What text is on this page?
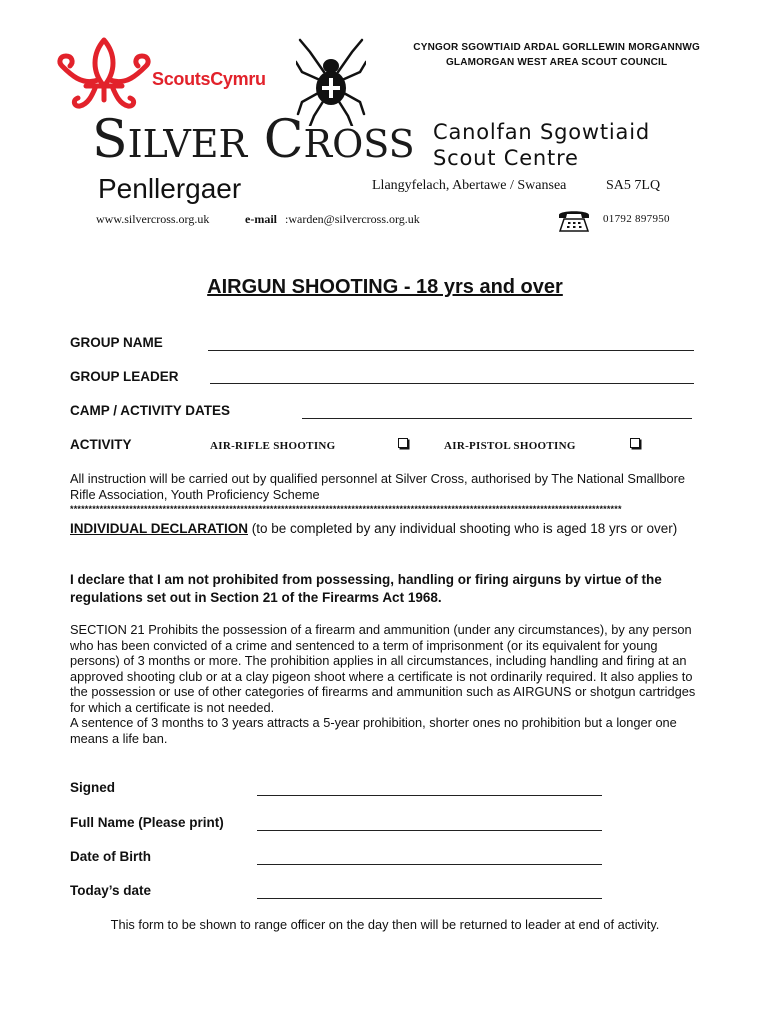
CYNGOR SGOWTIAID ARDAL GORLLEWIN MORGANNWG
GLAMORGAN WEST AREA SCOUT COUNCIL
ScoutsCymru
SILVER CROSS Canolfan Sgowtiaid
Scout Centre
Penllergaer	Llangyfelach, Abertawe / Swansea	SA5 7LQ
www.silvercross.org.uk	e-mail :warden@silvercross.org.uk	01792 897950
AIRGUN SHOOTING - 18 yrs and over
GROUP NAME
GROUP LEADER
CAMP / ACTIVITY DATES
ACTIVITY	AIR-RIFLE SHOOTING	AIR-PISTOL SHOOTING
All instruction will be carried out by qualified personnel at Silver Cross, authorised by The National Smallbore Rifle Association, Youth Proficiency Scheme
*****************************************************************************************************************************************************
INDIVIDUAL DECLARATION (to be completed by any individual shooting who is aged 18 yrs or over)
I declare that I am not prohibited from possessing, handling or firing airguns by virtue of the regulations set out in Section 21 of the Firearms Act 1968.
SECTION 21 Prohibits the possession of a firearm and ammunition (under any circumstances), by any person who has been convicted of a crime and sentenced to a term of imprisonment (or its equivalent for young persons) of 3 months or more. The prohibition applies in all circumstances, including handling and firing at an approved shooting club or at a clay pigeon shoot where a certificate is not ordinarily required. It also applies to the possession or use of other categories of firearms and ammunition such as AIRGUNS or shotgun cartridges for which a certificate is not needed.
A sentence of 3 months to 3 years attracts a 5-year prohibition, shorter ones no prohibition but a longer one means a life ban.
Signed
Full Name (Please print)
Date of Birth
Today’s date
This form to be shown to range officer on the day then will be returned to leader at end of activity.
